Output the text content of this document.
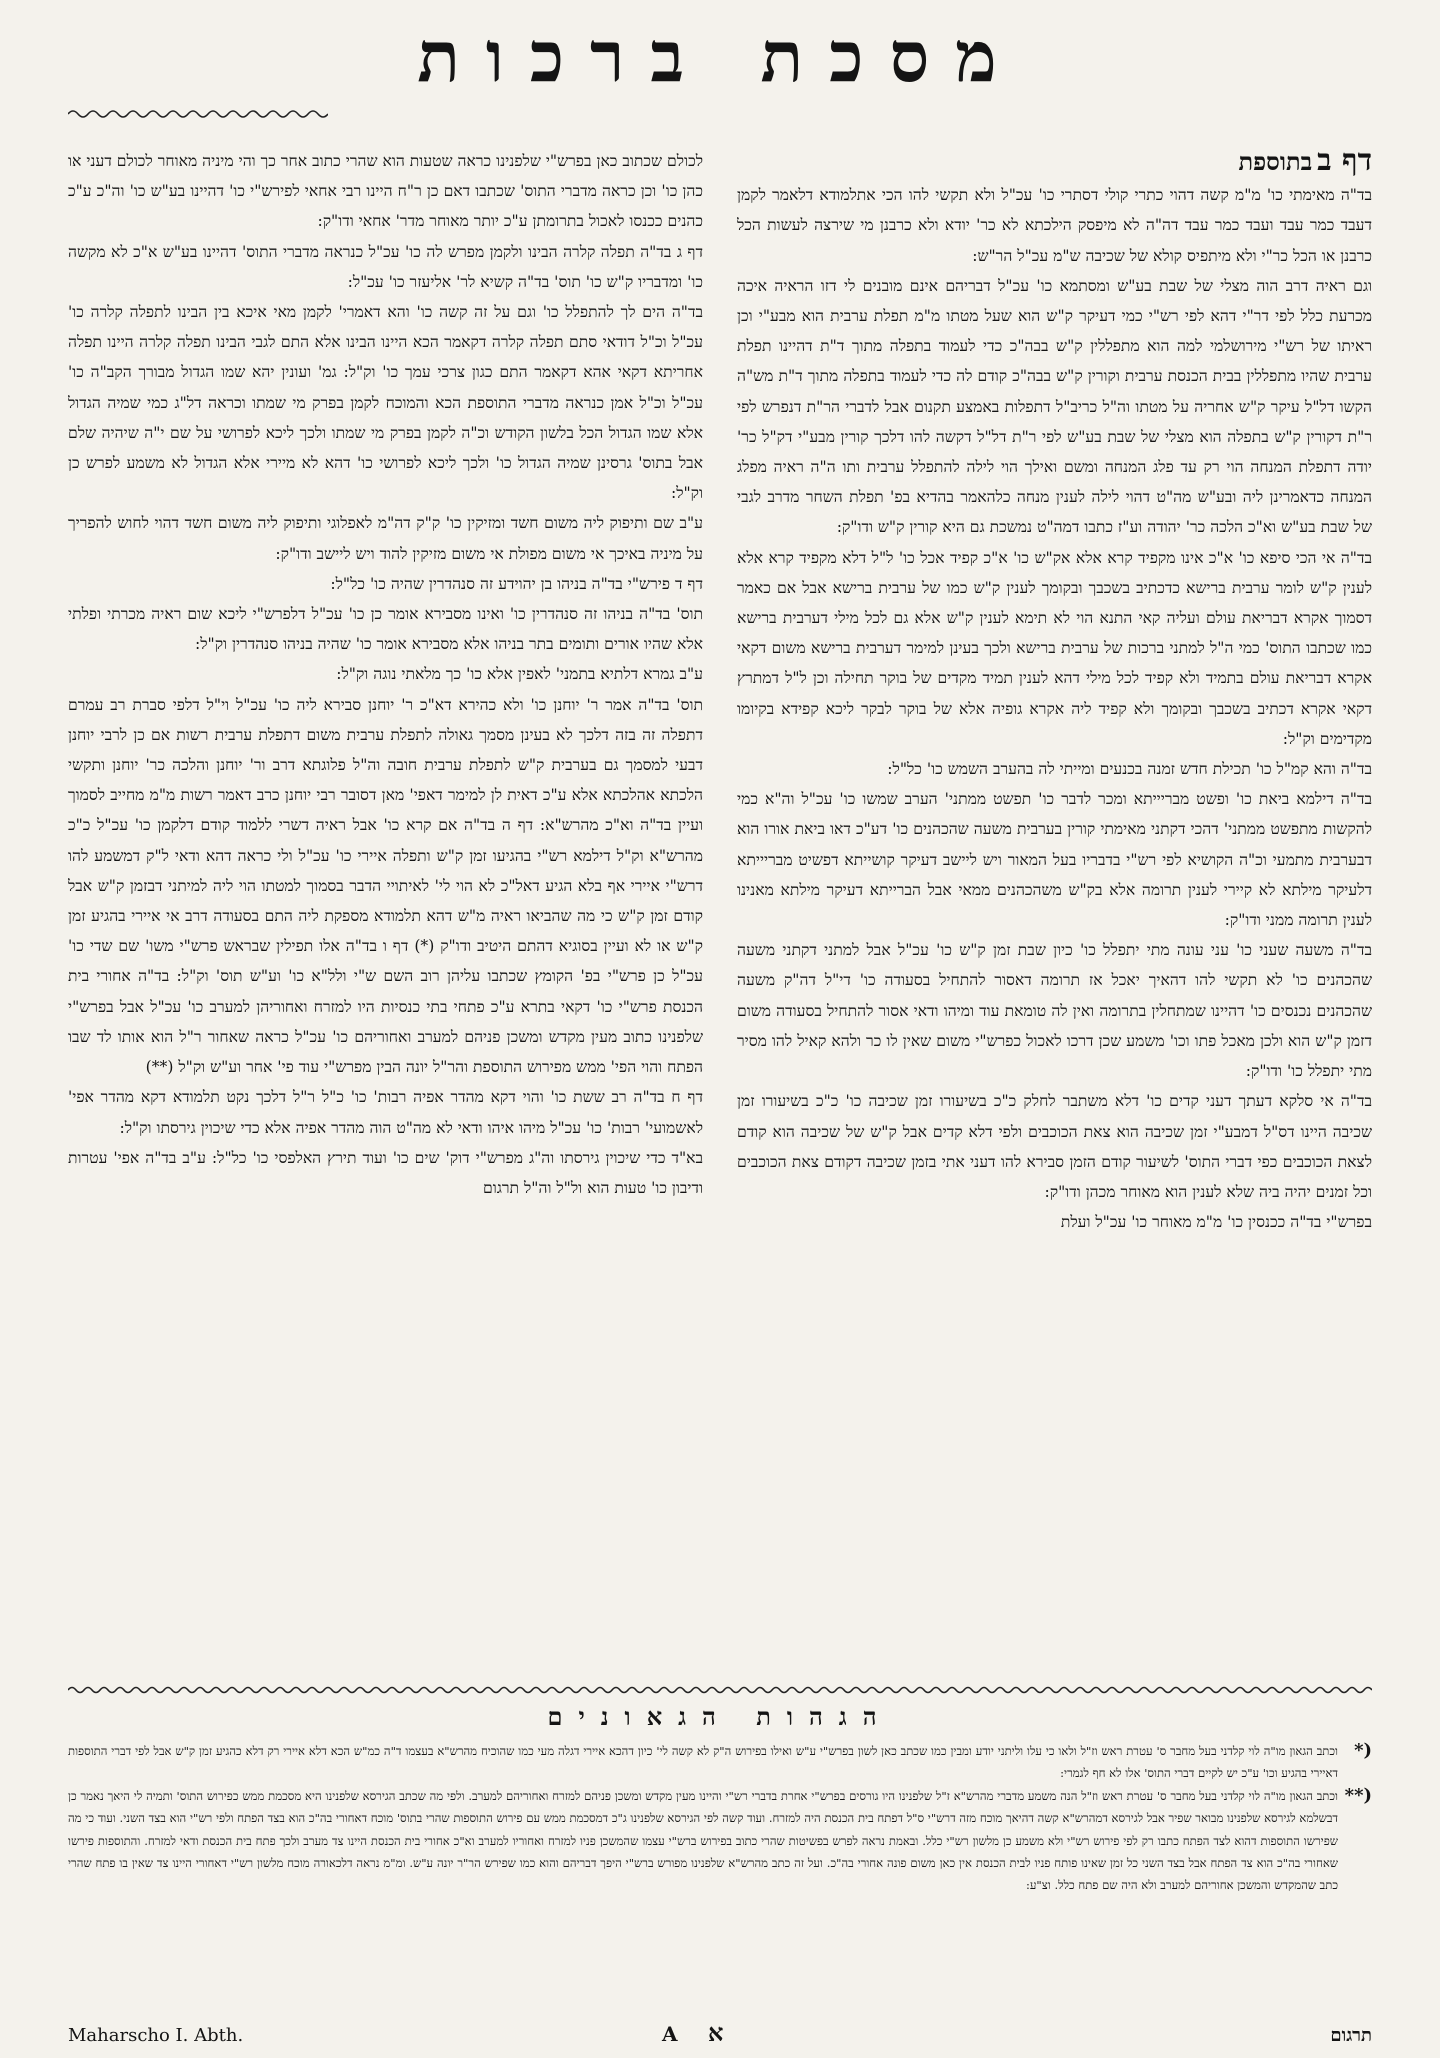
מסכת ברכות

דף ב בתוספת

בד"ה מאימתי כו' מ"מ קשה דהוי כתרי קולי דסתרי כו' עכ"ל ולא תקשי להו הכי אתלמודא דלאמר לקמן דעבד כמר עבד ועבד כמר עבד דה"ה לא מיפסק הילכתא לא כר' יודא ולא כרבנן מי שירצה לעשות הכל כרבנן או הכל כר"י ולא מיתפיס קולא של שכיבה ש"מ עכ"ל הר"ש:

וגם ראיה דרב הוה מצלי של שבת בע"ש ומסתמא כו' עכ"ל דבריהם אינם מובנים לי דזו הראיה איכה מכרעת כלל לפי דר"י דהא לפי רש"י כמי דעיקר ק"ש הוא שעל מטתו מ"מ תפלת ערבית הוא מבע"י וכן ראיתו של רש"י מירושלמי למה הוא מתפללין ק"ש בבה"כ כדי לעמוד בתפלה מתוך ד"ת דהיינו תפלת ערבית שהיו מתפללין בבית הכנסת ערבית וקורין ק"ש בבה"כ קודם לה כדי לעמוד בתפלה מתוך ד"ת מש"ה הקשו דל"ל עיקר ק"ש אחריה על מטתו וה"ל כריב"ל דתפלות באמצע תקנום אבל לדברי הר"ת דנפרש לפי ר"ת דקורין ק"ש בתפלה הוא מצלי של שבת בע"ש לפי ר"ת דל"ל דקשה להו דלכך קורין מבע"י דק"ל כר' יודה דתפלת המנחה הוי רק עד פלג המנחה ומשם ואילך הוי לילה להתפלל ערבית ותו ה"ה ראיה מפלג המנחה כדאמרינן ליה ובע"ש מה"ט דהוי לילה לענין מנחה כלהאמר בהדיא בפ' תפלת השחר מדרב לגבי של שבת בע"ש וא"כ הלכה כר' יהודה וע"ז כתבו דמה"ט נמשכת גם היא קורין ק"ש ודו"ק:

בד"ה אי הכי סיפא כו' א"כ אינו מקפיד קרא אלא אק"ש כו' א"כ קפיד אכל כו' ל"ל דלא מקפיד קרא אלא לענין ק"ש לומר ערבית ברישא כדכתיב בשכבך ובקומך לענין ק"ש כמו של ערבית ברישא אבל אם כאמר דסמוך אקרא דבריאת עולם ועליה קאי התנא הוי לא תימא לענין ק"ש אלא גם לכל מילי דערבית ברישא כמו שכתבו התוס' כמי ה"ל למתני ברכות של ערבית ברישא ולכך בעינן למימר דערבית ברישא משום דקאי אקרא דבריאת עולם בתמיד ולא קפיד לכל מילי דהא לענין תמיד מקדים של בוקר תחילה וכן ל"ל דמתרץ דקאי אקרא דכתיב בשכבך ובקומך ולא קפיד ליה אקרא גופיה אלא של בוקר לבקר ליכא קפידא בקיומו מקדימים וק"ל:

בד"ה והא קמ"ל כו' תכילת חדש זמנה בכנעים ומייתי לה בהערב השמש כו' כל"ל:

בד"ה דילמא ביאת כו' ופשט מבריייתא ומכר לדבר כו' תפשט ממתני' הערב שמשו כו' עכ"ל וה"א כמי להקשות מתפשט ממתני' דהכי דקתני מאימתי קורין בערבית משעה שהכהנים כו' דע"כ דאו ביאת אורו הוא דבערבית מתמעי וכ"ה הקושיא לפי רש"י בדבריו בעל המאור ויש ליישב דעיקר קושייתא דפשיט מבריייתא דלעיקר מילתא לא קיירי לענין תרומה אלא בק"ש משהכהנים ממאי אבל הברייתא דעיקר מילתא מאנינו לענין תרומה ממני ודו"ק:

בד"ה משעה שעני כו' עני עונה מתי יתפלל כו' כיון שבת זמן ק"ש כו' עכ"ל אבל למתני דקתני משעה שהכהנים כו' לא תקשי להו דהאיך יאכל אז תרומה דאסור להתחיל בסעודה כו' די"ל דה"ק משעה שהכהנים נכנסים כו' דהיינו שמתחלין בתרומה ואין לה טומאת עוד ומיהו ודאי אסור להתחיל בסעודה משום דזמן ק"ש הוא ולכן מאכל פתו וכו' משמע שכן דרכו לאכול כפרש"י משום שאין לו כר ולהא קאיל להו מסיר מתי יתפלל כו' ודו"ק:

בד"ה אי סלקא דעתך דעני קדים כו' דלא משתבר לחלק כ"כ בשיעורו זמן שכיבה כו' כ"כ בשיעורו זמן שכיבה היינו דס"ל דמבע"י זמן שכיבה הוא צאת הכוכבים ולפי דלא קדים אבל ק"ש של שכיבה הוא קודם לצאת הכוכבים כפי דברי התוס' לשיעור קודם הזמן סבירא להו דעני אתי בזמן שכיבה דקודם צאת הכוכבים וכל זמנים יהיה ביה שלא לענין הוא מאוחר מכהן ודו"ק:

בפרש"י בד"ה ככנסין כו' מ"מ מאוחר כו' עכ"ל ועלת

לכולם שכתוב כאן בפרש"י שלפנינו כראה שטעות הוא שהרי כתוב אחר כך והי מיניה מאוחר לכולם דעני או כהן כו' וכן כראה מדברי התוס' שכתבו דאם כן ר"ח היינו רבי אחאי לפירש"י כו' דהיינו בע"ש כו' וה"כ ע"כ כהנים ככנסו לאכול בתרומתן ע"כ יותר מאוחר מדר' אחאי ודו"ק:

דף ג בד"ה תפלה קלרה הבינו ולקמן מפרש לה כו' עכ"ל כנראה מדברי התוס' דהיינו בע"ש א"כ לא מקשה כו' ומדבריו ק"ש כו' תוס' בד"ה קשיא לר' אליעזר כו' עכ"ל:

בד"ה הים לך להתפלל כו' וגם על זה קשה כו' והא דאמרי' לקמן מאי איכא בין הבינו לתפלה קלרה כו' עכ"ל וכ"ל דודאי סתם תפלה קלרה דקאמר הכא היינו הבינו אלא התם לגבי הבינו תפלה קלרה היינו תפלה אחריתא דקאי אהא דקאמר התם כגון צרכי עמך כו' וק"ל: גמ' ועונין יהא שמו הגדול מבורך הקב"ה כו' עכ"ל וכ"ל אמן כנראה מדברי התוספת הכא והמוכח לקמן בפרק מי שמתו וכראה דל"ג כמי שמיה הגדול אלא שמו הגדול הכל בלשון הקודש וכ"ה לקמן בפרק מי שמתו ולכך ליכא לפרושי על שם י"ה שיהיה שלם אבל בתוס' גרסינן שמיה הגדול כו' ולכך ליכא לפרושי כו' דהא לא מיירי אלא הגדול לא משמע לפרש כן וק"ל:

ע"ב שם ותיפוק ליה משום חשד ומזיקין כו' ק"ק דה"מ לאפלוגי ותיפוק ליה משום חשד דהוי לחוש להפריך על מיניה באיכך אי משום מפולת אי משום מזיקין להוד ויש ליישב ודו"ק:

דף ד פירש"י בד"ה בניהו בן יהוידע זה סנהדרין שהיה כו' כל"ל:

תוס' בד"ה בניהו זה סנהדרין כו' ואינו מסבירא אומר כן כו' עכ"ל דלפרש"י ליכא שום ראיה מכרתי ופלתי אלא שהיו אורים ותומים בתר בניהו אלא מסבירא אומר כו' שהיה בניהו סנהדרין וק"ל:

ע"ב גמרא דלתיא בתמני' לאפין אלא כו' כך מלאתי נוגה וק"ל:

תוס' בד"ה אמר ר' יוחנן כו' ולא כהירא דא"כ ר' יוחנן סבירא ליה כו' עכ"ל וי"ל דלפי סברת רב עמרם דתפלה זה בזה דלכך לא בעינן מסמך גאולה לתפלת ערבית משום דתפלת ערבית רשות אם כן לרבי יוחנן דבעי למסמך גם בערבית ק"ש לתפלת ערבית חובה וה"ל פלוגתא דרב ור' יוחנן והלכה כר' יוחנן ותקשי הלכתא אהלכתא אלא ע"כ דאית לן למימר דאפי' מאן דסובר רבי יוחנן כרב דאמר רשות מ"מ מחייב לסמוך ועיין בד"ה וא"כ מהרש"א: דף ה בד"ה אם קרא כו' אבל ראיה דשרי ללמוד קודם דלקמן כו' עכ"ל כ"כ מהרש"א וק"ל דילמא רש"י בהגיעו זמן ק"ש ותפלה איירי כו' עכ"ל ולי כראה דהא ודאי ל"ק דמשמע להו דרש"י איירי אף בלא הגיע דאל"כ לא הוי לי' לאיתויי הדבר בסמוך למטתו הוי ליה למיתני דבזמן ק"ש אבל קודם זמן ק"ש כי מה שהביאו ראיה מ"ש דהא תלמודא מספקת ליה התם בסעודה דרב אי איירי בהגיע זמן ק"ש או לא ועיין בסוגיא דהתם היטיב ודו"ק (*) דף ו בד"ה אלו תפילין שבראש פרש"י משו' שם שדי כו' עכ"ל כן פרש"י בפ' הקומץ שכתבו עליהן רוב השם ש"י ולל"א כו' וע"ש תוס' וק"ל: בד"ה אחורי בית הכנסת פרש"י כו' דקאי בתרא ע"כ פתחי בתי כנסיות היו למזרח ואחוריהן למערב כו' עכ"ל אבל בפרש"י שלפנינו כתוב מעין מקדש ומשכן פניהם למערב ואחוריהם כו' עכ"ל כראה שאחור ר"ל הוא אותו לד שבו הפתח והוי הפי' ממש מפירוש התוספת והר"ל יונה הבין מפרש"י עוד פי' אחר וע"ש וק"ל (**)

דף ח בד"ה רב ששת כו' והוי דקא מהדר אפיה רבות' כו' כ"ל ר"ל דלכך נקט תלמודא דקא מהדר אפי' לאשמועי' רבות' כו' עכ"ל מיהו איהו ודאי לא מה"ט הוה מהדר אפיה אלא כדי שיכוין גירסתו וק"ל:

בא"ד כדי שיכוין גירסתו וה"ג מפרש"י דוק' שים כו' ועוד תירץ האלפסי כו' כל"ל: ע"ב בד"ה אפי' עטרות ודיבון כו' טעות הוא ול"ל וה"ל תרגום

הגהות הגאונים
*)
וכתב הגאון מו"ה לוי קלדני בעל מחבר ס' עטרת ראש וז"ל ולאו כי עלו וליתני יודע ומבין כמו שכתב כאן לשון בפרש"י ע"ש ואילו בפירוש ה"ק לא קשה לי' כיון דהכא איירי דגלה מעי כמו שהוכיח מהרש"א בעצמו ד"ה כמ"ש הכא דלא איירי רק דלא כהגיע זמן ק"ש אבל לפי דברי התוספות דאיירי בהגיע וכו' ע"כ יש לקיים דברי התוס' אלו לא חף לגמרי:
**)
וכתב הגאון מו"ה לוי קלדני בעל מחבר ס' עטרת ראש וז"ל הנה משמע מדברי מהרש"א ז"ל שלפנינו היו גורסים בפרש"י אחרת בדברי רש"י והיינו מעין מקדש ומשכן פניהם למזרח ואחוריהם למערב. ולפי מה שכתב הגירסא שלפנינו היא מסכמת ממש כפירוש התוס' ותמיה לי היאך נאמר כן דבשלמא לגירסא שלפנינו מבואר שפיר אבל לגירסא דמהרש"א קשה דהיאך מוכח מזה דרש"י ס"ל דפתח בית הכנסת היה למזרח. ועוד קשה לפי הגירסא שלפנינו ג"כ דמסכמת ממש עם פירוש התוספות שהרי בתוס' מוכח דאחורי בה"כ הוא בצד הפתח ולפי רש"י הוא בצד השני. ועוד כי מה שפירשו התוספות דהוא לצד הפתח כתבו רק לפי פירוש רש"י ולא משמע כן מלשון רש"י כלל. ובאמת נראה לפרש בפשיטות שהרי כתוב בפירוש ברש"י עצמו שהמשכן פניו למזרח ואחוריו למערב וא"כ אחורי בית הכנסת היינו צד מערב ולכך פתח בית הכנסת ודאי למזרח. והתוספות פירשו שאחורי בה"כ הוא צד הפתח אבל בצד השני כל זמן שאינו פותח פניו לבית הכנסת אין כאן משום פונה אחורי בה"כ. ועל זה כתב מהרש"א שלפנינו מפורש ברש"י היפך דבריהם והוא כמו שפירש הר"ר יונה ע"ש. ומ"מ נראה דלכאורה מוכח מלשון רש"י דאחורי היינו צד שאין בו פתח שהרי כתב שהמקדש והמשכן אחוריהם למערב ולא היה שם פתח כלל. וצ"ע:
Maharscho I. Abth.	A א	תרגום
